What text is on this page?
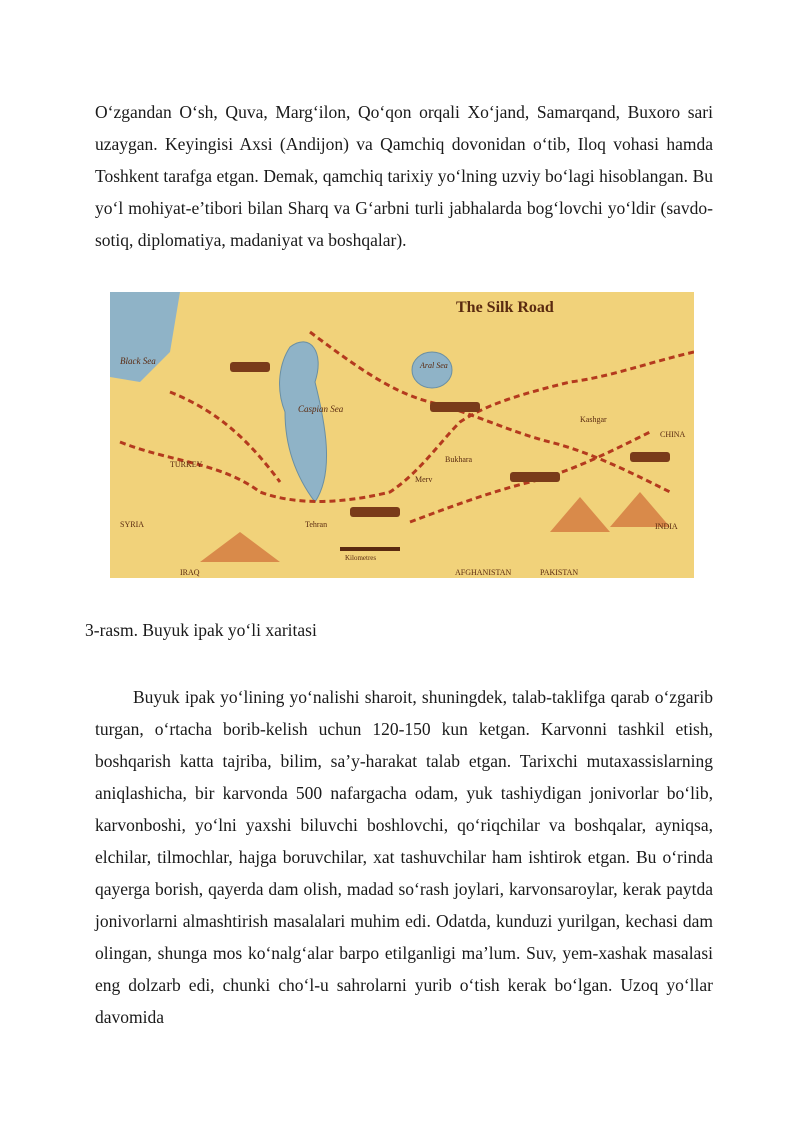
O‘zgandan O‘sh, Quva, Marg‘ilon, Qo‘qon orqali Xo‘jand, Samarqand, Buxoro sari uzaygan. Keyingisi Axsi (Andijon) va Qamchiq dovonidan o‘tib, Iloq vohasi hamda Toshkent tarafga etgan. Demak, qamchiq tarixiy yo‘lning uzviy bo‘lagi hisoblangan. Bu yo‘l mohiyat-e’tibori bilan Sharq va G‘arbni turli jabhalarda bog‘lovchi yo‘ldir (savdo-sotiq, diplomatiya, madaniyat va boshqalar).

The Silk Road
Black Sea
Caspian Sea
Aral Sea
TURKEY
SYRIA
IRAQ	AFGHANISTAN	PAKISTAN
CHINA
INDIA
Bukhara
Merv
Tehran
Kashgar
Kilometres

3-rasm. Buyuk ipak yo‘li xaritasi

Buyuk ipak yo‘lining yo‘nalishi sharoit, shuningdek, talab-taklifga qarab o‘zgarib turgan, o‘rtacha borib-kelish uchun 120-150 kun ketgan. Karvonni tashkil etish, boshqarish katta tajriba, bilim, sa’y-harakat talab etgan. Tarixchi mutaxassislarning aniqlashicha, bir karvonda 500 nafargacha odam, yuk tashiydigan jonivorlar bo‘lib, karvonboshi, yo‘lni yaxshi biluvchi boshlovchi, qo‘riqchilar va boshqalar, ayniqsa, elchilar, tilmochlar, hajga boruvchilar, xat tashuvchilar ham ishtirok etgan. Bu o‘rinda qayerga borish, qayerda dam olish, madad so‘rash joylari, karvonsaroylar, kerak paytda jonivorlarni almashtirish masalalari muhim edi. Odatda, kunduzi yurilgan, kechasi dam olingan, shunga mos ko‘nalg‘alar barpo etilganligi ma’lum. Suv, yem-xashak masalasi eng dolzarb edi, chunki cho‘l-u sahrolarni yurib o‘tish kerak bo‘lgan. Uzoq yo‘llar davomida
